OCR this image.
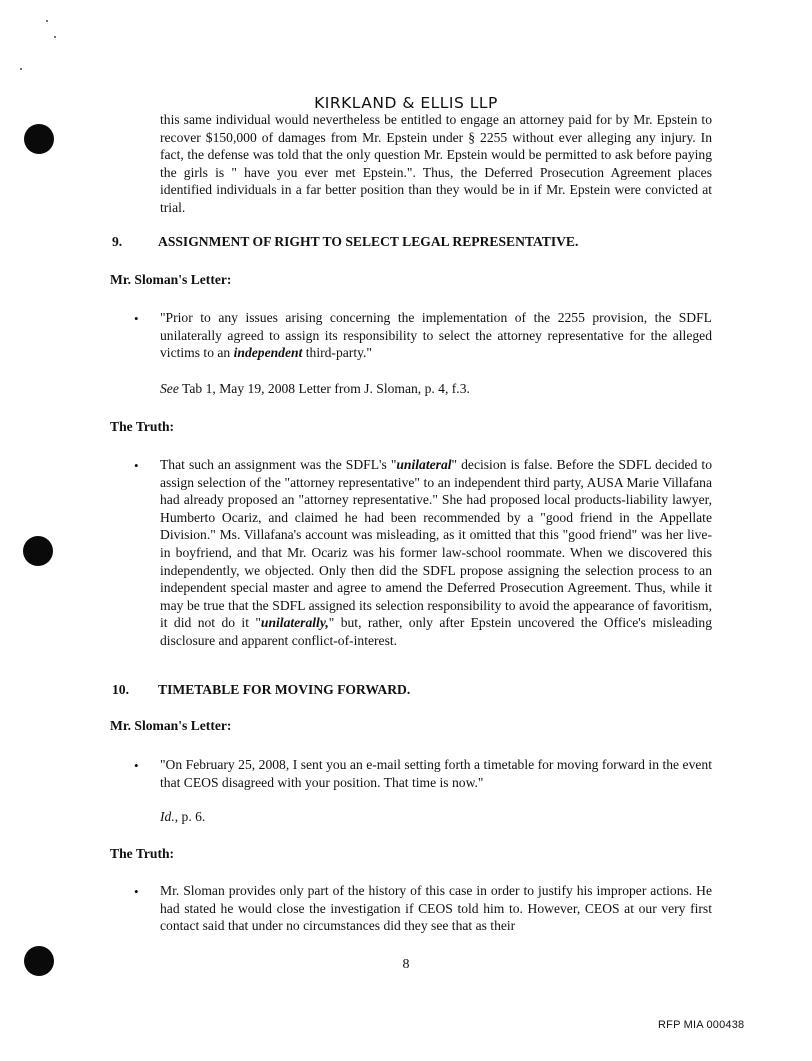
KIRKLAND & ELLIS LLP
this same individual would nevertheless be entitled to engage an attorney paid for by Mr. Epstein to recover $150,000 of damages from Mr. Epstein under § 2255 without ever alleging any injury. In fact, the defense was told that the only question Mr. Epstein would be permitted to ask before paying the girls is " have you ever met Epstein.". Thus, the Deferred Prosecution Agreement places identified individuals in a far better position than they would be in if Mr. Epstein were convicted at trial.
9.	ASSIGNMENT OF RIGHT TO SELECT LEGAL REPRESENTATIVE.
Mr. Sloman's Letter:
• "Prior to any issues arising concerning the implementation of the 2255 provision, the SDFL unilaterally agreed to assign its responsibility to select the attorney representative for the alleged victims to an independent third-party."
See Tab 1, May 19, 2008 Letter from J. Sloman, p. 4, f.3.
The Truth:
• That such an assignment was the SDFL's "unilateral" decision is false. Before the SDFL decided to assign selection of the "attorney representative" to an independent third party, AUSA Marie Villafana had already proposed an "attorney representative." She had proposed local products-liability lawyer, Humberto Ocariz, and claimed he had been recommended by a "good friend in the Appellate Division." Ms. Villafana's account was misleading, as it omitted that this "good friend" was her live-in boyfriend, and that Mr. Ocariz was his former law-school roommate. When we discovered this independently, we objected. Only then did the SDFL propose assigning the selection process to an independent special master and agree to amend the Deferred Prosecution Agreement. Thus, while it may be true that the SDFL assigned its selection responsibility to avoid the appearance of favoritism, it did not do it "unilaterally," but, rather, only after Epstein uncovered the Office's misleading disclosure and apparent conflict-of-interest.
10. TIMETABLE FOR MOVING FORWARD.
Mr. Sloman's Letter:
• "On February 25, 2008, I sent you an e-mail setting forth a timetable for moving forward in the event that CEOS disagreed with your position. That time is now."
Id., p. 6.
The Truth:
• Mr. Sloman provides only part of the history of this case in order to justify his improper actions. He had stated he would close the investigation if CEOS told him to. However, CEOS at our very first contact said that under no circumstances did they see that as their
8
RFP MIA 000438
